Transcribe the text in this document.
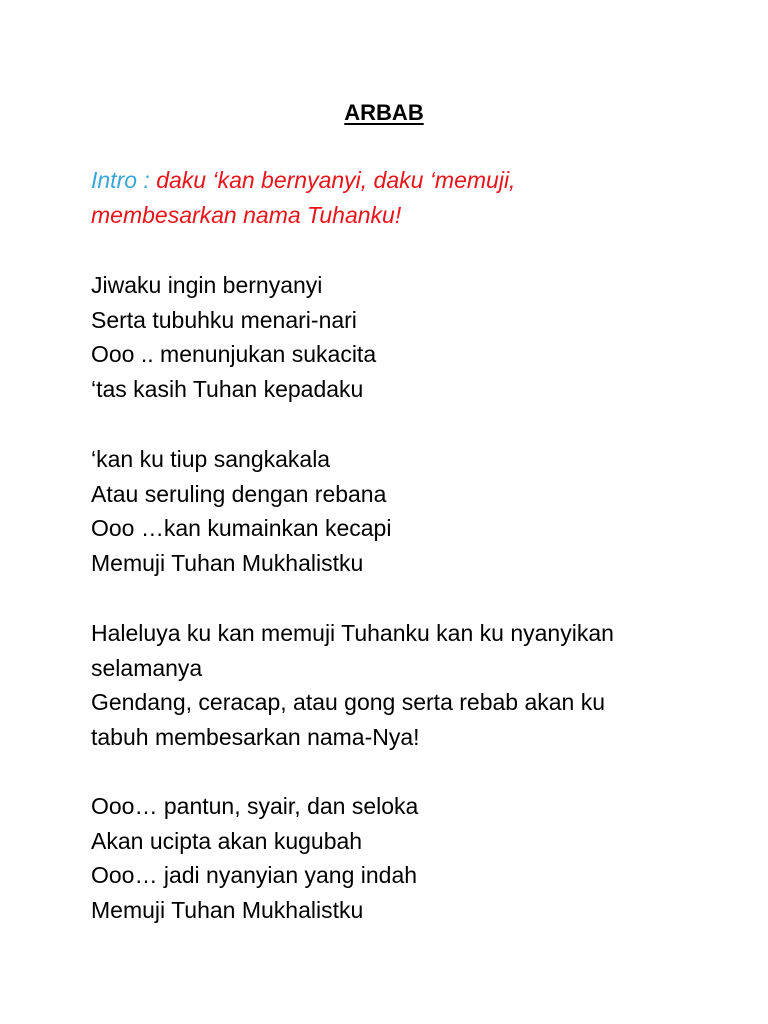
ARBAB
Intro : daku ‘kan bernyanyi, daku ‘memuji,
membesarkan nama Tuhanku!
Jiwaku ingin bernyanyi
Serta tubuhku menari-nari
Ooo .. menunjukan sukacita
‘tas kasih Tuhan kepadaku
‘kan ku tiup sangkakala
Atau seruling dengan rebana
Ooo …kan kumainkan kecapi
Memuji Tuhan Mukhalistku
Haleluya ku kan memuji Tuhanku kan ku nyanyikan
selamanya
Gendang, ceracap, atau gong serta rebab akan ku
tabuh membesarkan nama-Nya!
Ooo… pantun, syair, dan seloka
Akan ucipta akan kugubah
Ooo… jadi nyanyian yang indah
Memuji Tuhan Mukhalistku
